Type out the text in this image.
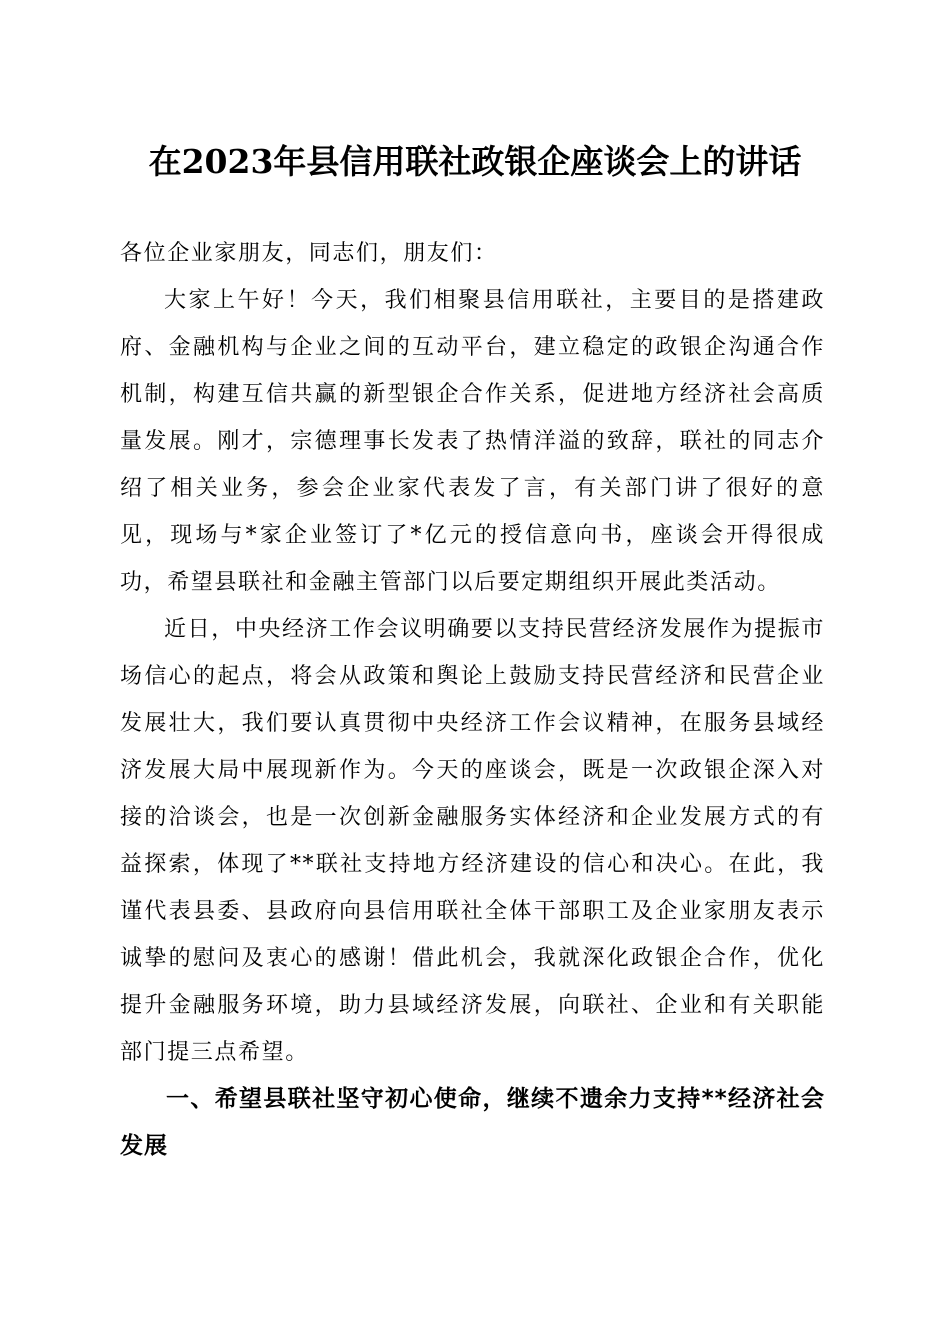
在2023年县信用联社政银企座谈会上的讲话

各位企业家朋友，同志们，朋友们：

大家上午好！今天，我们相聚县信用联社，主要目的是搭建政府、金融机构与企业之间的互动平台，建立稳定的政银企沟通合作机制，构建互信共赢的新型银企合作关系，促进地方经济社会高质量发展。刚才，宗德理事长发表了热情洋溢的致辞，联社的同志介绍了相关业务，参会企业家代表发了言，有关部门讲了很好的意见，现场与*家企业签订了*亿元的授信意向书，座谈会开得很成功，希望县联社和金融主管部门以后要定期组织开展此类活动。

近日，中央经济工作会议明确要以支持民营经济发展作为提振市场信心的起点，将会从政策和舆论上鼓励支持民营经济和民营企业发展壮大，我们要认真贯彻中央经济工作会议精神，在服务县域经济发展大局中展现新作为。今天的座谈会，既是一次政银企深入对接的洽谈会，也是一次创新金融服务实体经济和企业发展方式的有益探索，体现了**联社支持地方经济建设的信心和决心。在此，我谨代表县委、县政府向县信用联社全体干部职工及企业家朋友表示诚挚的慰问及衷心的感谢！借此机会，我就深化政银企合作，优化提升金融服务环境，助力县域经济发展，向联社、企业和有关职能部门提三点希望。

一、希望县联社坚守初心使命，继续不遗余力支持**经济社会发展
